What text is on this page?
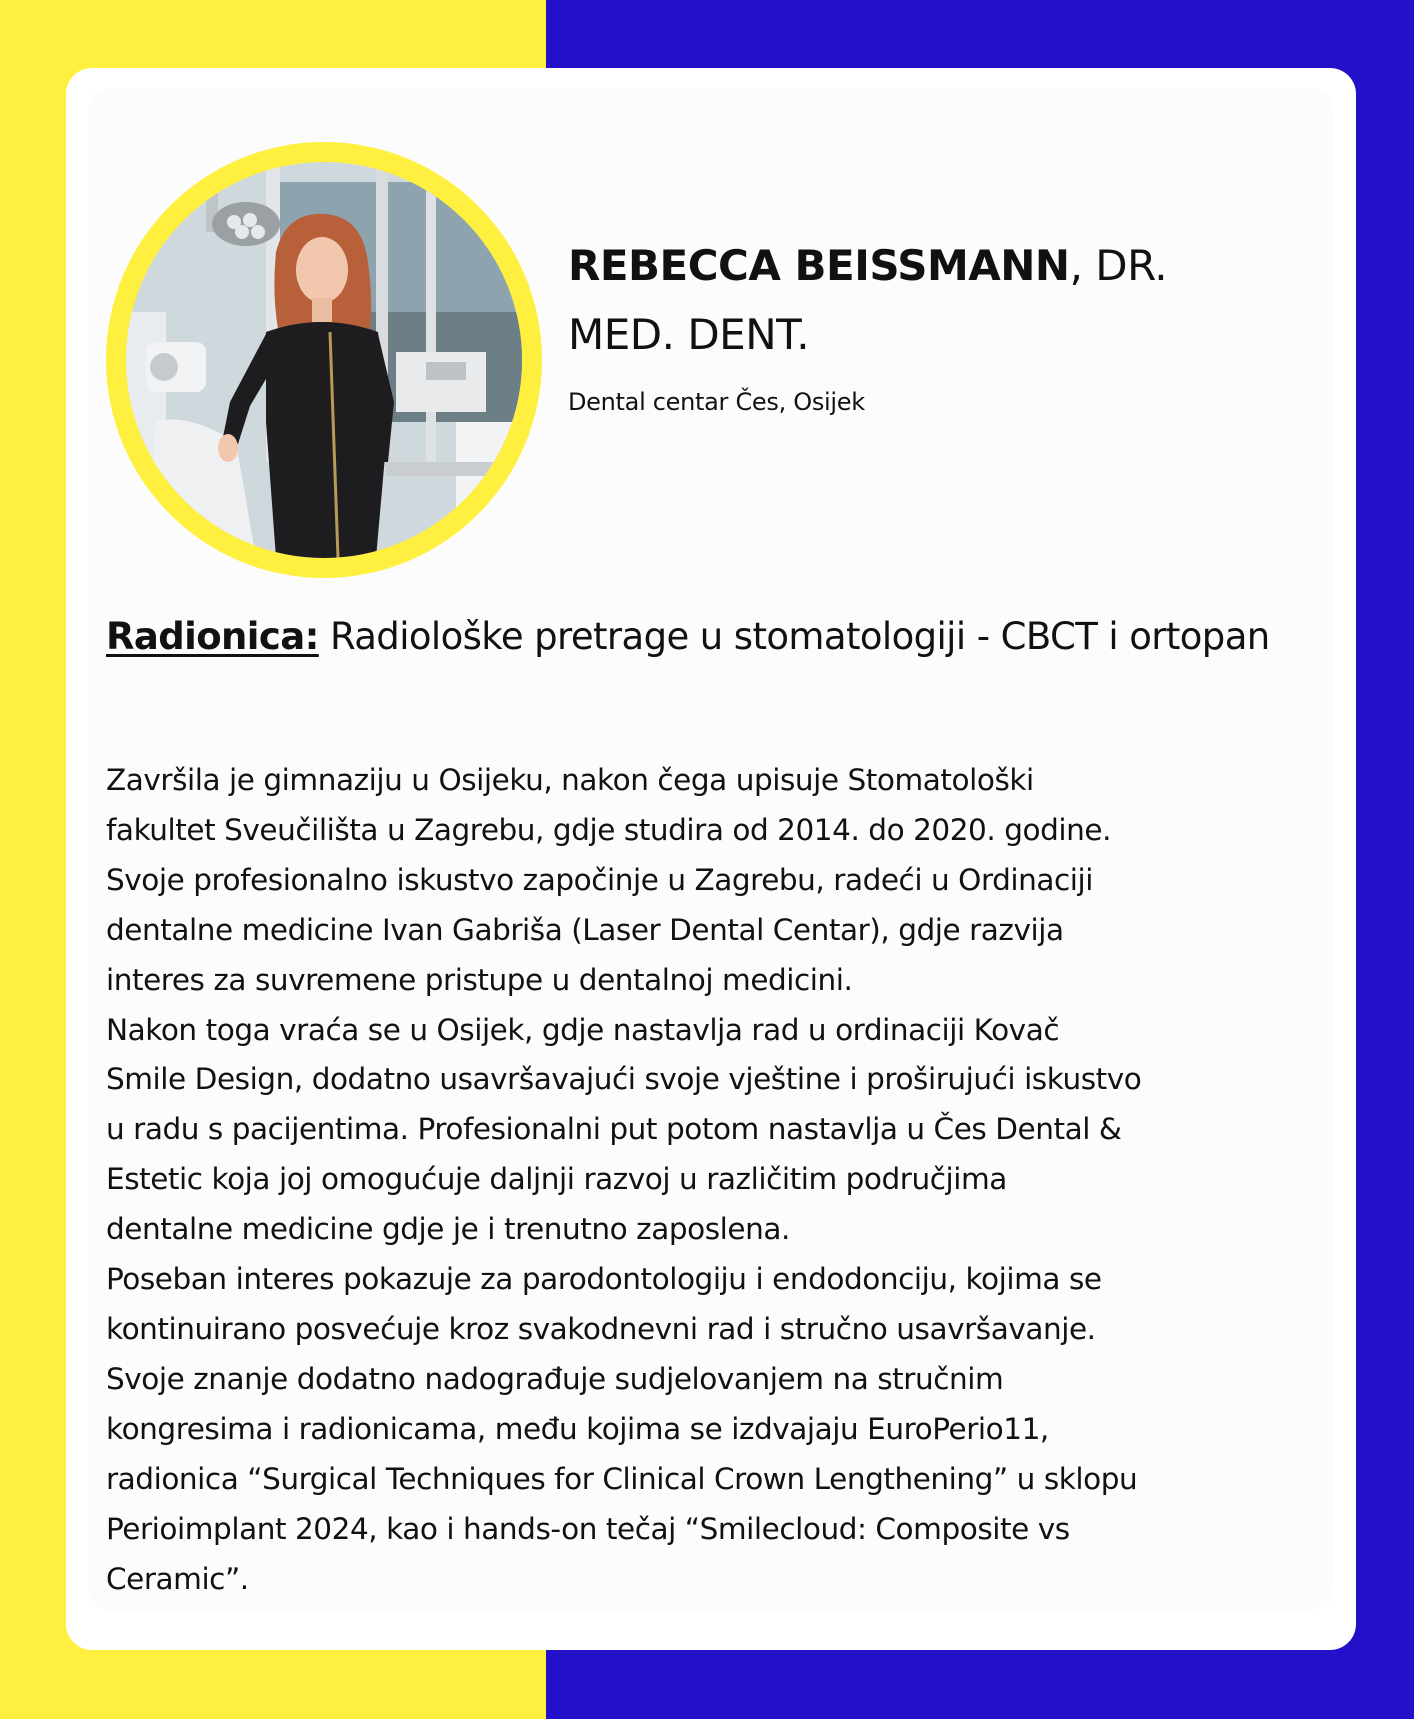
REBECCA BEISSMANN, DR. MED. DENT.
Dental centar Čes, Osijek
Radionica: Radiološke pretrage u stomatologiji - CBCT i ortopan
Završila je gimnaziju u Osijeku, nakon čega upisuje Stomatološki
fakultet Sveučilišta u Zagrebu, gdje studira od 2014. do 2020. godine.
Svoje profesionalno iskustvo započinje u Zagrebu, radeći u Ordinaciji
dentalne medicine Ivan Gabriša (Laser Dental Centar), gdje razvija
interes za suvremene pristupe u dentalnoj medicini.
Nakon toga vraća se u Osijek, gdje nastavlja rad u ordinaciji Kovač
Smile Design, dodatno usavršavajući svoje vještine i proširujući iskustvo
u radu s pacijentima. Profesionalni put potom nastavlja u Čes Dental &
Estetic koja joj omogućuje daljnji razvoj u različitim područjima
dentalne medicine gdje je i trenutno zaposlena.
Poseban interes pokazuje za parodontologiju i endodonciju, kojima se
kontinuirano posvećuje kroz svakodnevni rad i stručno usavršavanje.
Svoje znanje dodatno nadograđuje sudjelovanjem na stručnim
kongresima i radionicama, među kojima se izdvajaju EuroPerio11,
radionica “Surgical Techniques for Clinical Crown Lengthening” u sklopu
Perioimplant 2024, kao i hands-on tečaj “Smilecloud: Composite vs
Ceramic”.
